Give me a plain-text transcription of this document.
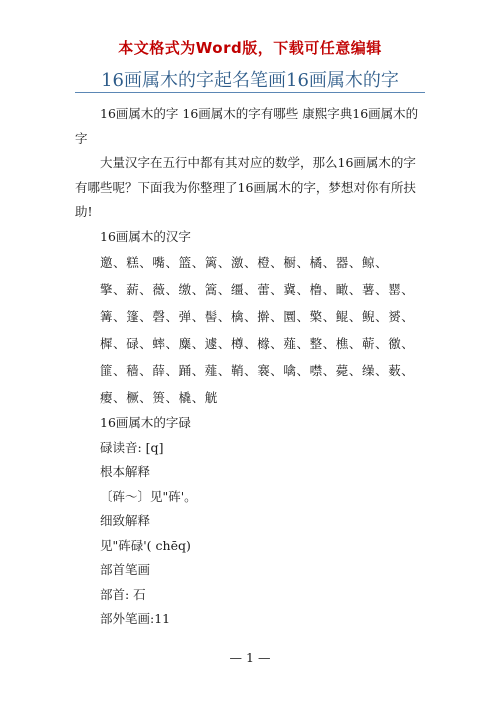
本文格式为Word版，下载可任意编辑
16画属木的字起名笔画16画属木的字

16画属木的字 16画属木的字有哪些 康熙字典16画属木的字

大量汉字在五行中都有其对应的数学，那么16画属木的字有哪些呢？下面我为你整理了16画属木的字，梦想对你有所扶助!

16画属木的汉字

邀、糕、嘴、篮、篱、激、橙、橱、橘、器、鲸、
擎、薪、薇、缴、篙、缰、蕾、冀、橹、瞰、薯、罂、
篝、篷、磬、弹、髻、檎、擀、圜、檠、鲲、鲵、赟、
樨、碌、蟀、麋、遽、樽、橼、薤、整、樵、蕲、徼、
篚、穑、薛、踊、薤、鞘、褰、噙、噤、薨、缲、薮、
瘿、橛、篑、橇、觥

16画属木的字碌

碌读音: [q]

根本解释

〔砗～〕见"砗'。

细致解释

见"砗碌'( chēq)

部首笔画

部首: 石

部外笔画:11

— 1 —
